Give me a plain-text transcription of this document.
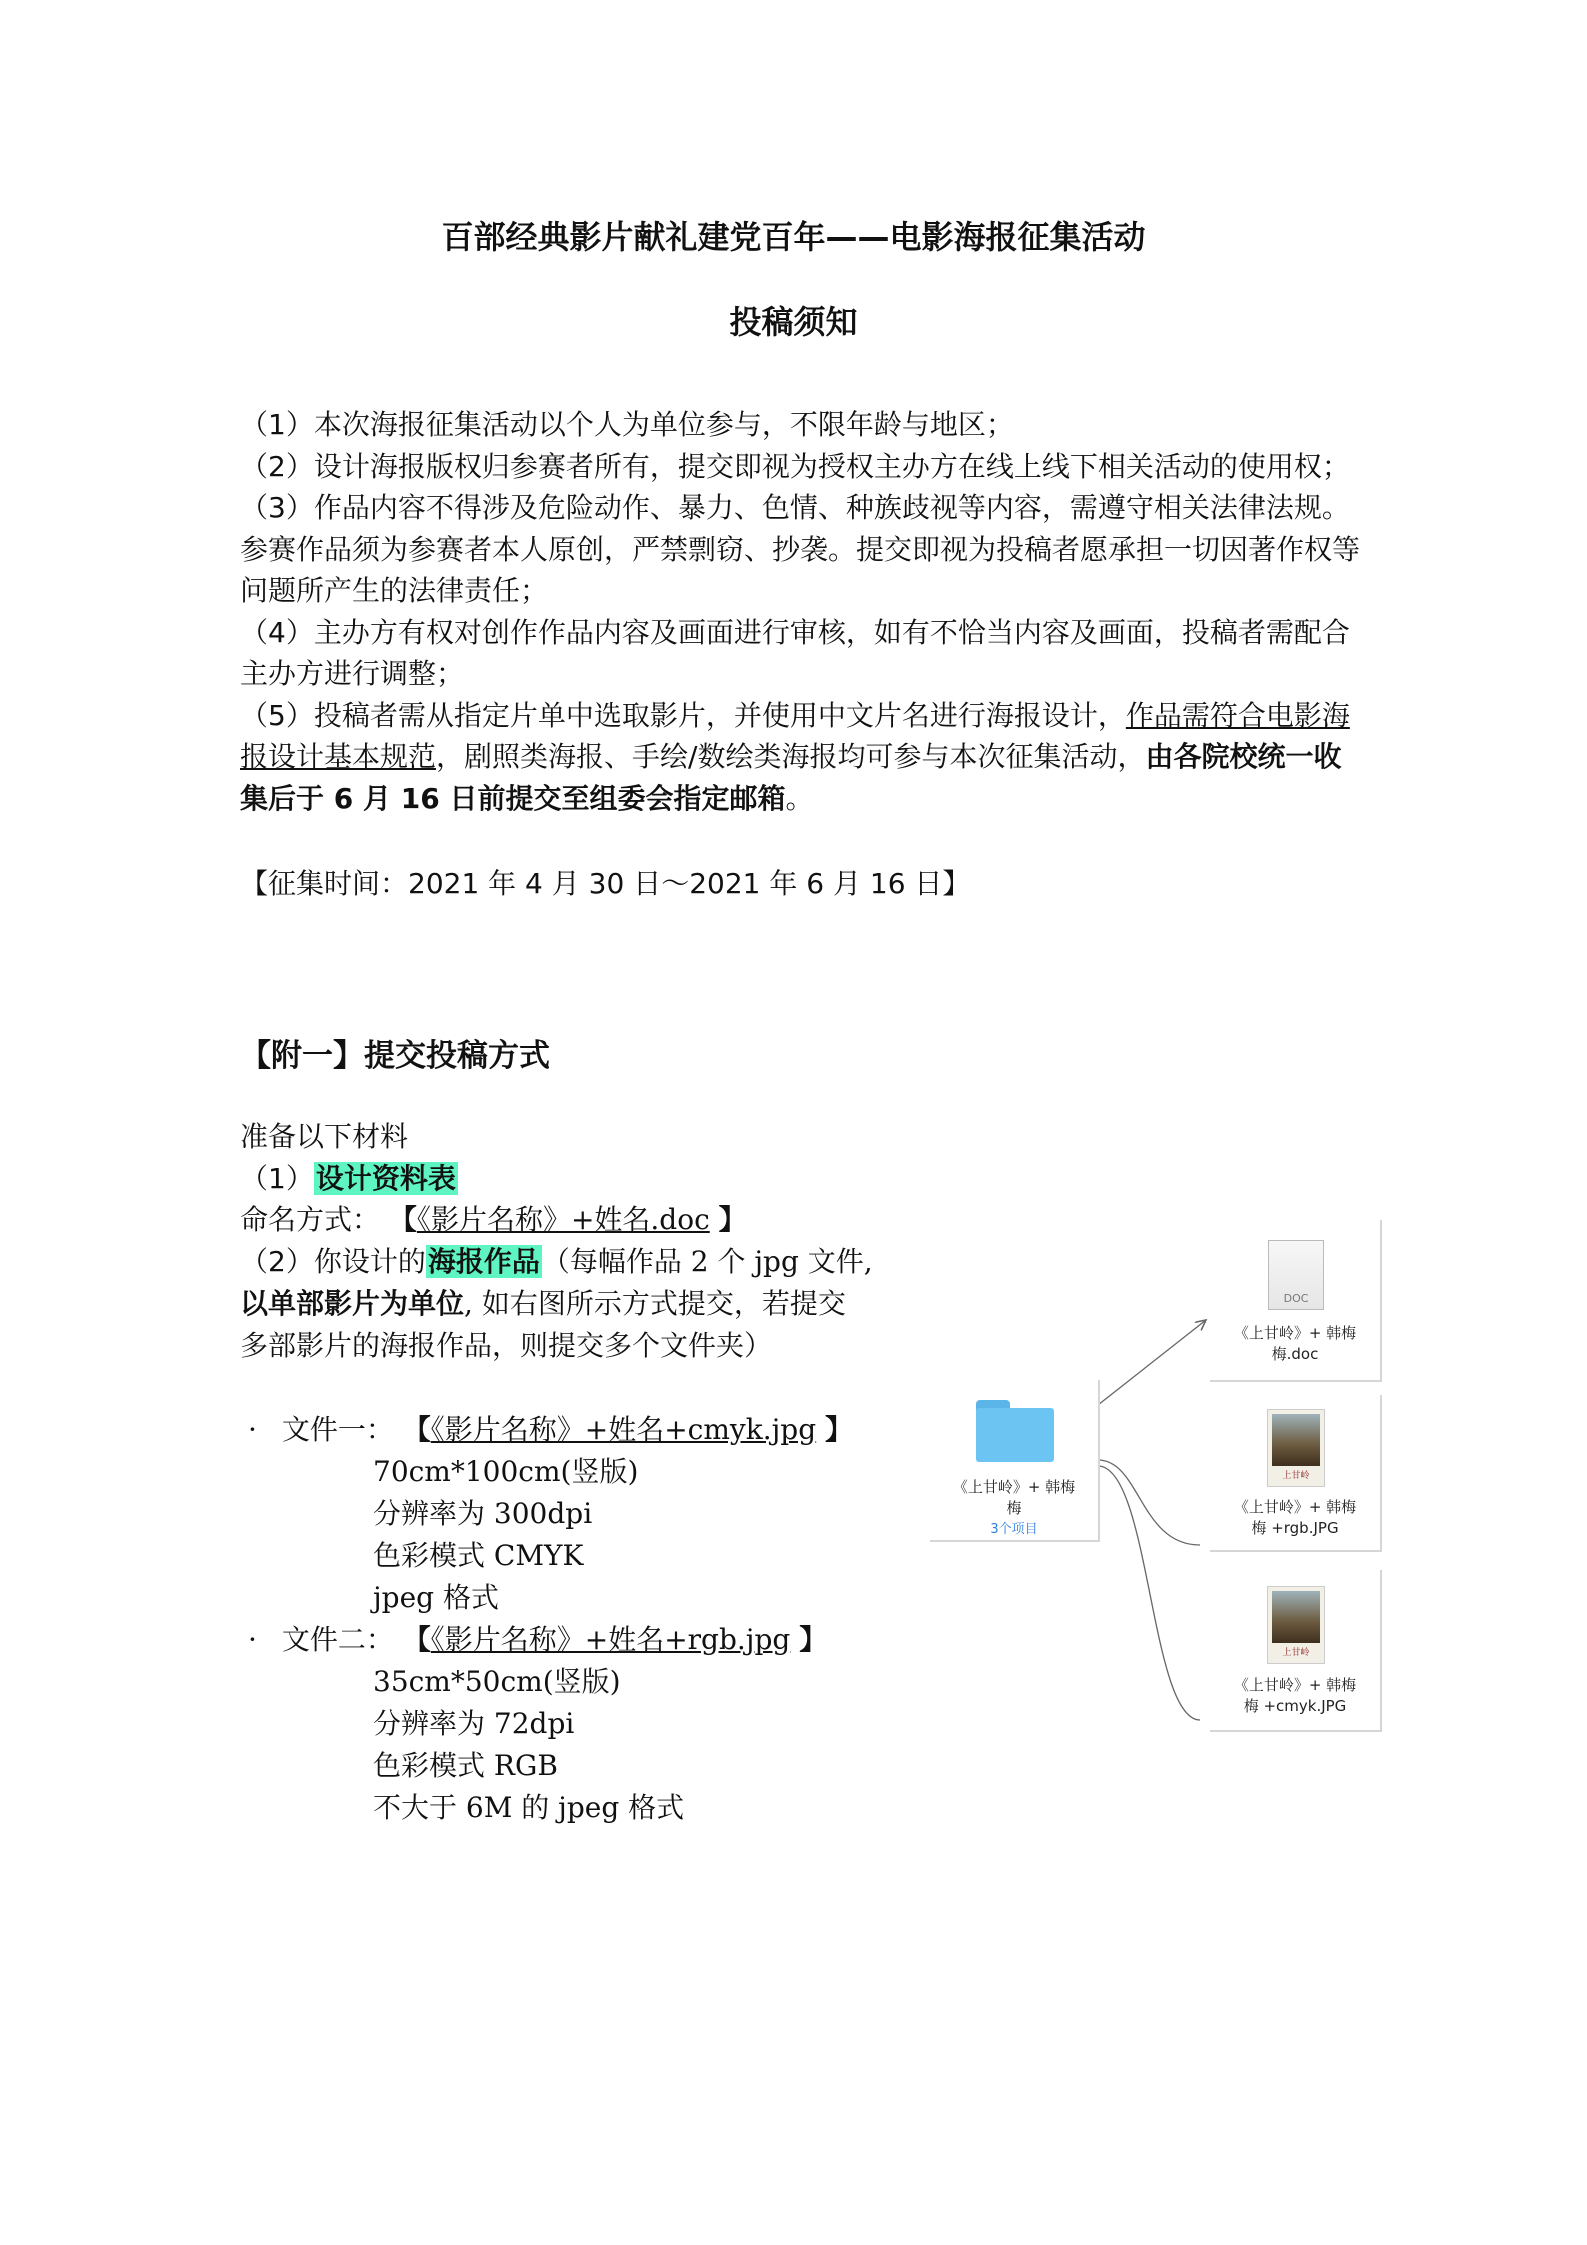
百部经典影片献礼建党百年——电影海报征集活动
投稿须知
（1）本次海报征集活动以个人为单位参与，不限年龄与地区；
（2）设计海报版权归参赛者所有，提交即视为授权主办方在线上线下相关活动的使用权；
（3）作品内容不得涉及危险动作、暴力、色情、种族歧视等内容，需遵守相关法律法规。
参赛作品须为参赛者本人原创，严禁剽窃、抄袭。提交即视为投稿者愿承担一切因著作权等
问题所产生的法律责任；
（4）主办方有权对创作作品内容及画面进行审核，如有不恰当内容及画面，投稿者需配合
主办方进行调整；
（5）投稿者需从指定片单中选取影片，并使用中文片名进行海报设计，作品需符合电影海
报设计基本规范，剧照类海报、手绘/数绘类海报均可参与本次征集活动，由各院校统一收
集后于 6 月 16 日前提交至组委会指定邮箱。
【征集时间：2021 年 4 月 30 日～2021 年 6 月 16 日】
【附一】提交投稿方式
准备以下材料
（1）设计资料表
命名方式： 【《影片名称》+姓名.doc 】
（2）你设计的海报作品（每幅作品 2 个 jpg 文件,
以单部影片为单位, 如右图所示方式提交，若提交
多部影片的海报作品，则提交多个文件夹）
· 文件一： 【《影片名称》+姓名+cmyk.jpg 】
70cm*100cm(竖版)
分辨率为 300dpi
色彩模式 CMYK
jpeg 格式
· 文件二： 【《影片名称》+姓名+rgb.jpg 】
35cm*50cm(竖版)
分辨率为 72dpi
色彩模式 RGB
不大于 6M 的 jpeg 格式
《上甘岭》+ 韩梅
梅
3个项目
DOC
《上甘岭》+ 韩梅
梅.doc
上甘岭
《上甘岭》+ 韩梅
梅 +rgb.JPG
上甘岭
《上甘岭》+ 韩梅
梅 +cmyk.JPG
